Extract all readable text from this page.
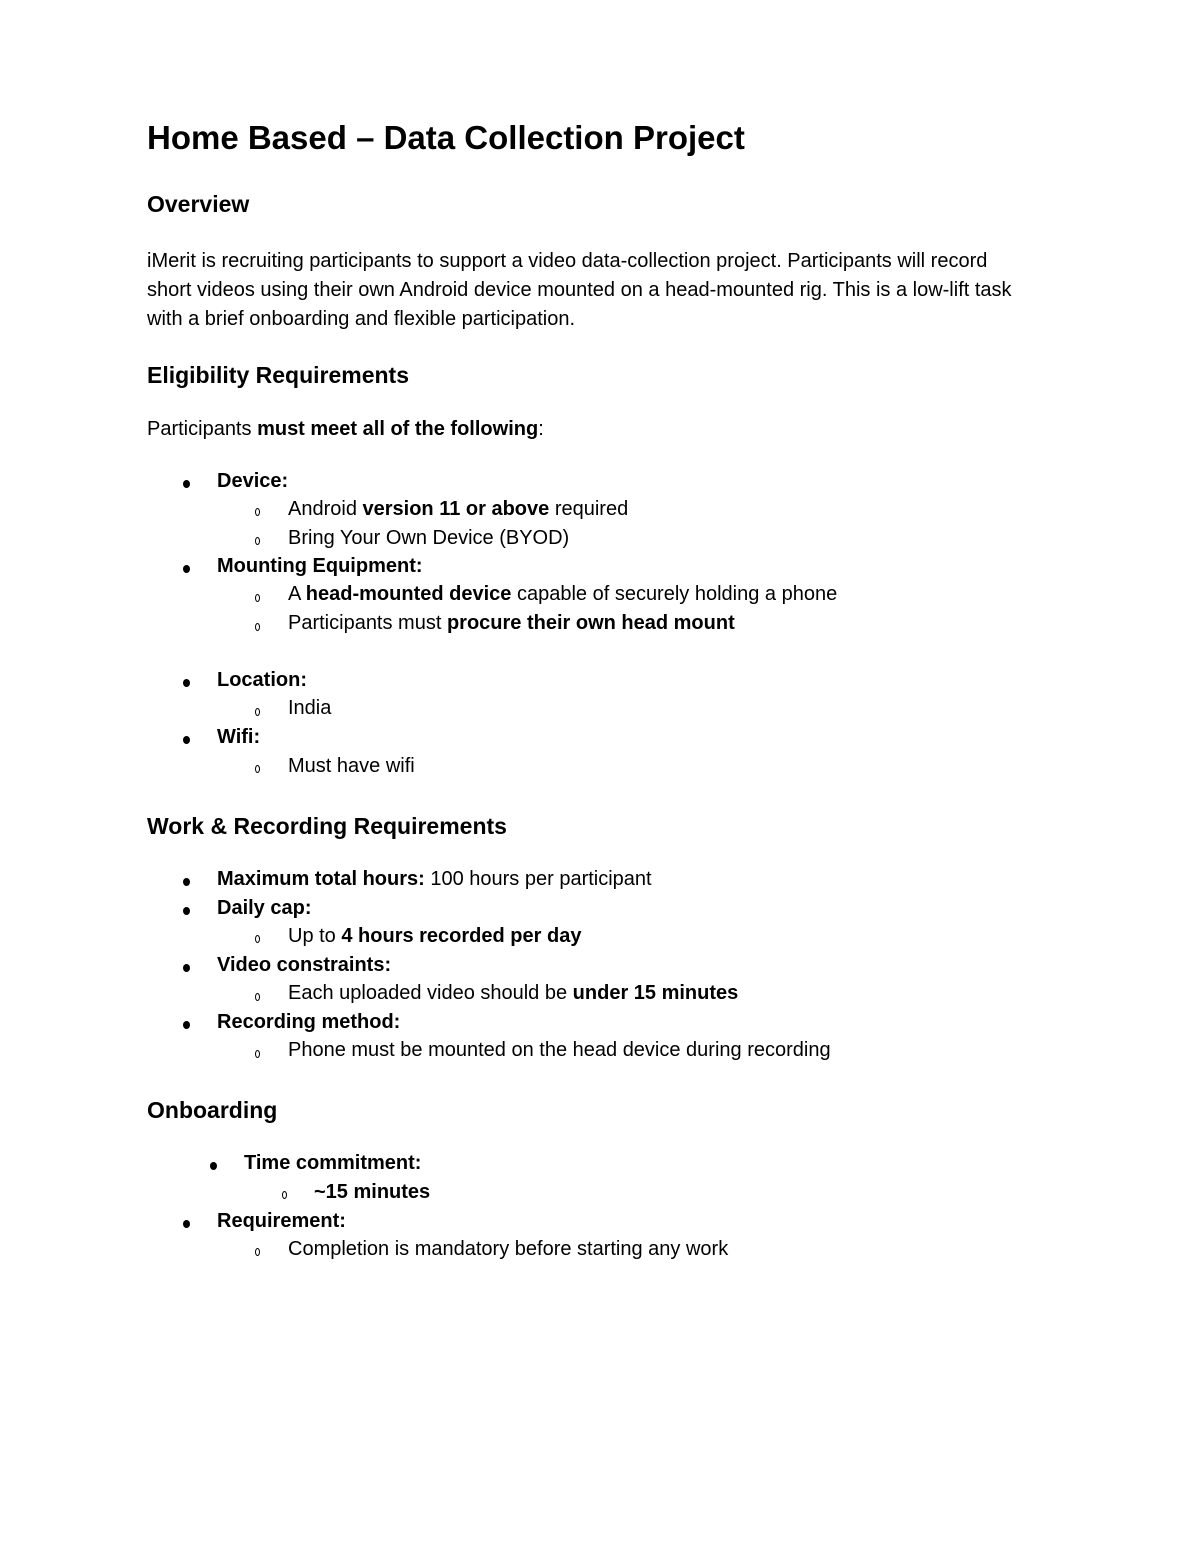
Home Based – Data Collection Project
Overview
iMerit is recruiting participants to support a video data-collection project. Participants will record
short videos using their own Android device mounted on a head-mounted rig. This is a low-lift task
with a brief onboarding and flexible participation.
Eligibility Requirements
Participants must meet all of the following:
Device:
Android version 11 or above required
Bring Your Own Device (BYOD)
Mounting Equipment:
A head-mounted device capable of securely holding a phone
Participants must procure their own head mount
Location:
India
Wifi:
Must have wifi
Work & Recording Requirements
Maximum total hours: 100 hours per participant
Daily cap:
Up to 4 hours recorded per day
Video constraints:
Each uploaded video should be under 15 minutes
Recording method:
Phone must be mounted on the head device during recording
Onboarding
Time commitment:
~15 minutes
Requirement:
Completion is mandatory before starting any work
